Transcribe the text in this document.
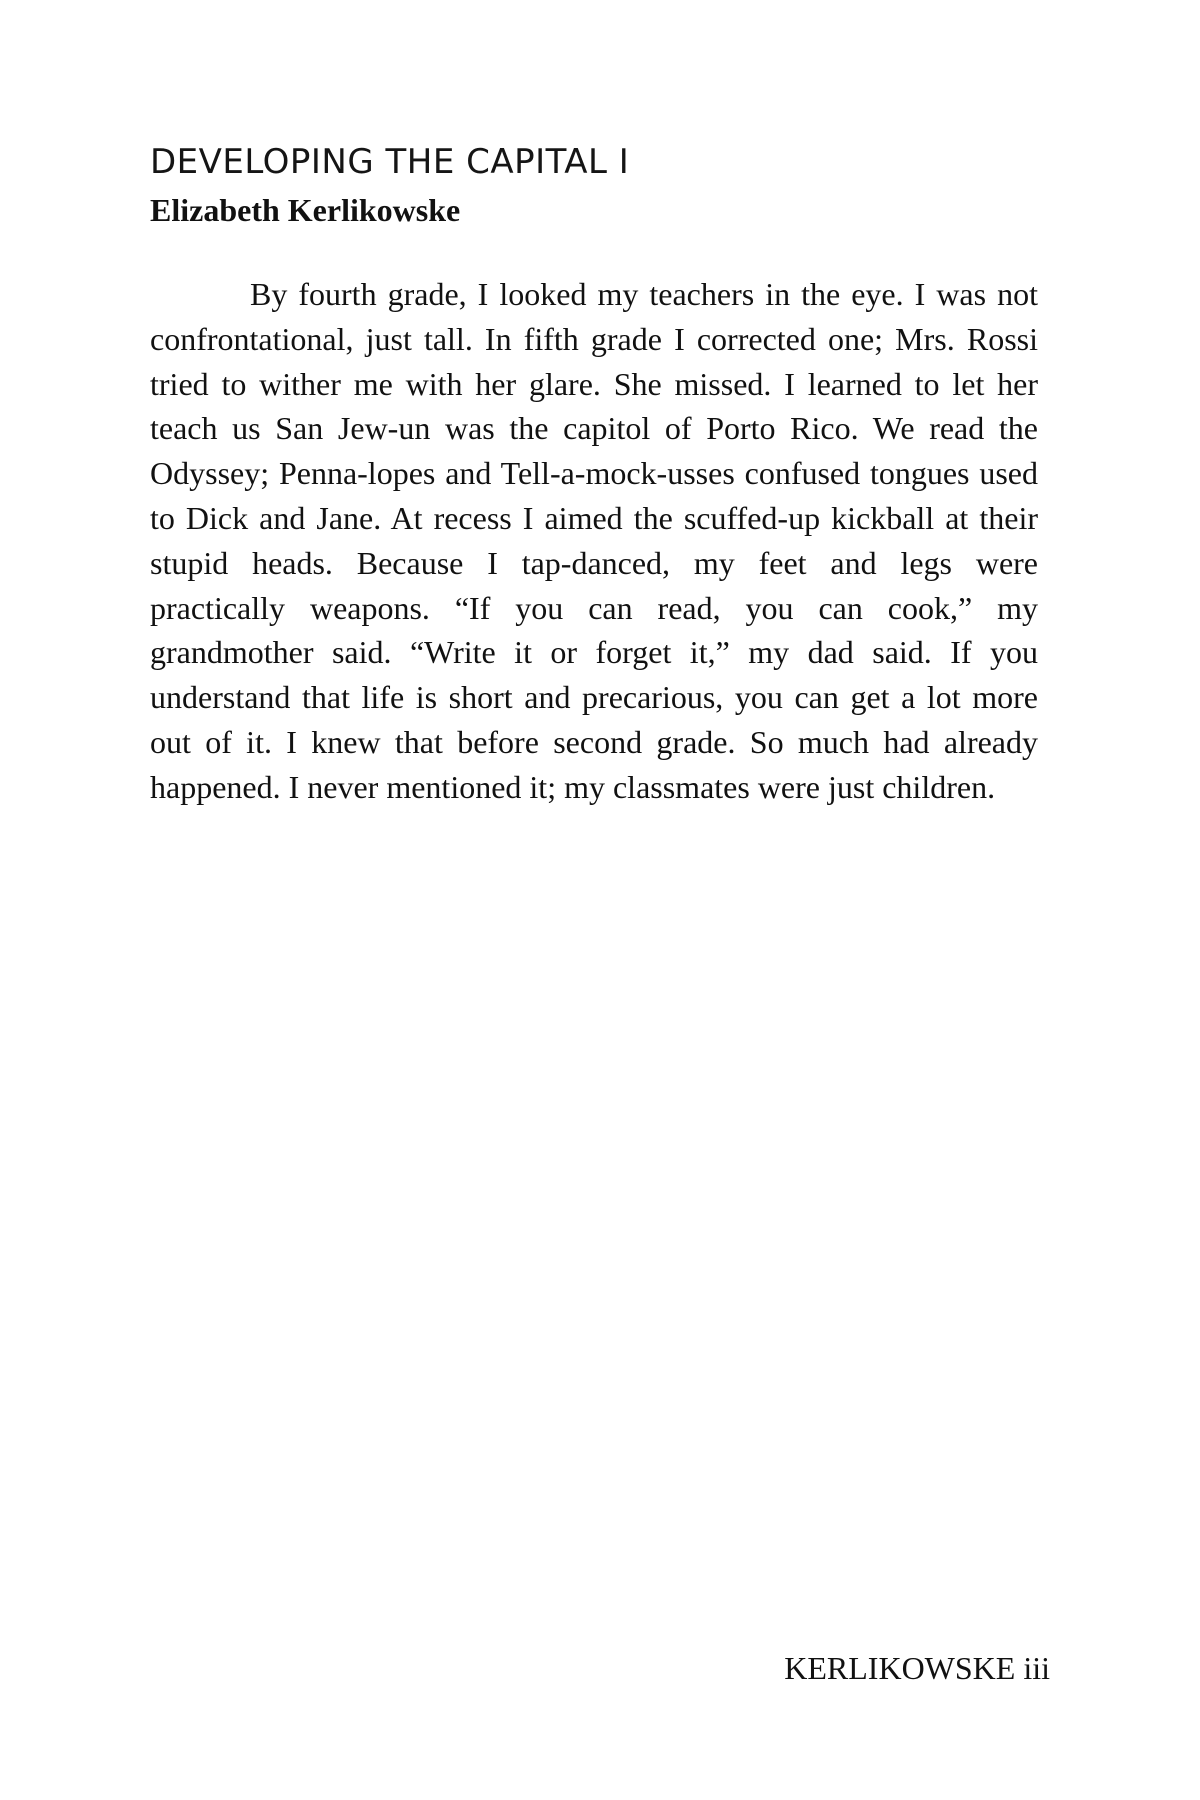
DEVELOPING THE CAPITAL I
Elizabeth Kerlikowske

By fourth grade, I looked my teachers in the eye. I was not confrontational, just tall. In fifth grade I corrected one; Mrs. Rossi tried to wither me with her glare. She missed. I learned to let her teach us San Jew-un was the capitol of Porto Rico. We read the Odyssey; Penna-lopes and Tell-a-mock-usses confused tongues used to Dick and Jane. At recess I aimed the scuffed-up kickball at their stupid heads. Because I tap-danced, my feet and legs were practically weapons. “If you can read, you can cook,” my grandmother said. “Write it or forget it,” my dad said. If you understand that life is short and precarious, you can get a lot more out of it. I knew that before second grade. So much had already happened. I never mentioned it; my classmates were just children.

KERLIKOWSKE iii
